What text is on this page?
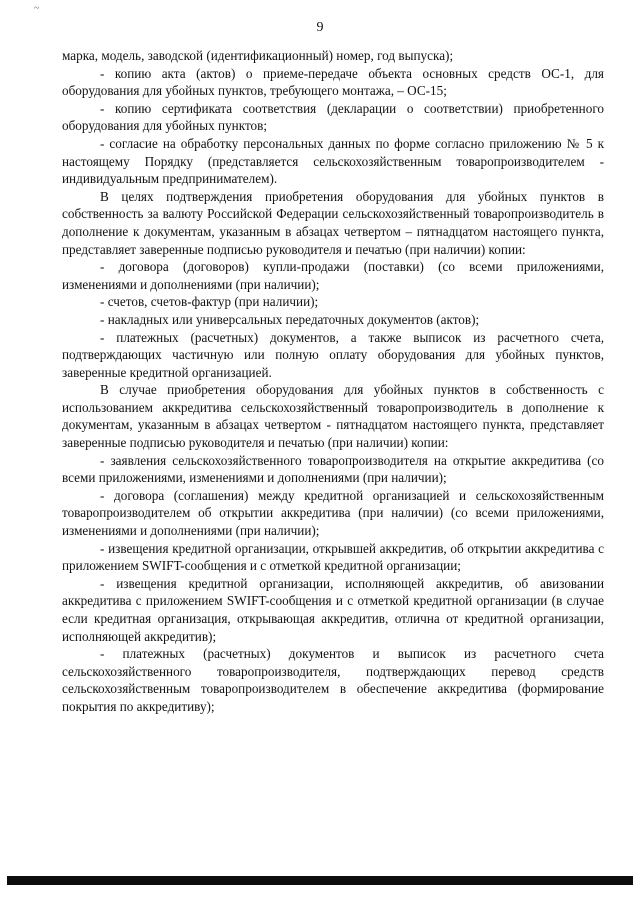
~
9

марка, модель, заводской (идентификационный) номер, год выпуска);

- копию акта (актов) о приеме-передаче объекта основных средств ОС-1, для оборудования для убойных пунктов, требующего монтажа, – ОС-15;

- копию сертификата соответствия (декларации о соответствии) приобретенного оборудования для убойных пунктов;

- согласие на обработку персональных данных по форме согласно приложению № 5 к настоящему Порядку (представляется сельскохозяйственным товаропроизводителем - индивидуальным предпринимателем).

В целях подтверждения приобретения оборудования для убойных пунктов в собственность за валюту Российской Федерации сельскохозяйственный товаропроизводитель в дополнение к документам, указанным в абзацах четвертом – пятнадцатом настоящего пункта, представляет заверенные подписью руководителя и печатью (при наличии) копии:

- договора (договоров) купли-продажи (поставки) (со всеми приложениями, изменениями и дополнениями (при наличии);

- счетов, счетов-фактур (при наличии);

- накладных или универсальных передаточных документов (актов);

- платежных (расчетных) документов, а также выписок из расчетного счета, подтверждающих частичную или полную оплату оборудования для убойных пунктов, заверенные кредитной организацией.

В случае приобретения оборудования для убойных пунктов в собственность с использованием аккредитива сельскохозяйственный товаропроизводитель в дополнение к документам, указанным в абзацах четвертом - пятнадцатом настоящего пункта, представляет заверенные подписью руководителя и печатью (при наличии) копии:

- заявления сельскохозяйственного товаропроизводителя на открытие аккредитива (со всеми приложениями, изменениями и дополнениями (при наличии);

- договора (соглашения) между кредитной организацией и сельскохозяйственным товаропроизводителем об открытии аккредитива (при наличии) (со всеми приложениями, изменениями и дополнениями (при наличии);

- извещения кредитной организации, открывшей аккредитив, об открытии аккредитива с приложением SWIFT-сообщения и с отметкой кредитной организации;

- извещения кредитной организации, исполняющей аккредитив, об авизовании аккредитива с приложением SWIFT-сообщения и с отметкой кредитной организации (в случае если кредитная организация, открывающая аккредитив, отлична от кредитной организации, исполняющей аккредитив);

- платежных (расчетных) документов и выписок из расчетного счета сельскохозяйственного товаропроизводителя, подтверждающих перевод средств сельскохозяйственным товаропроизводителем в обеспечение аккредитива (формирование покрытия по аккредитиву);
